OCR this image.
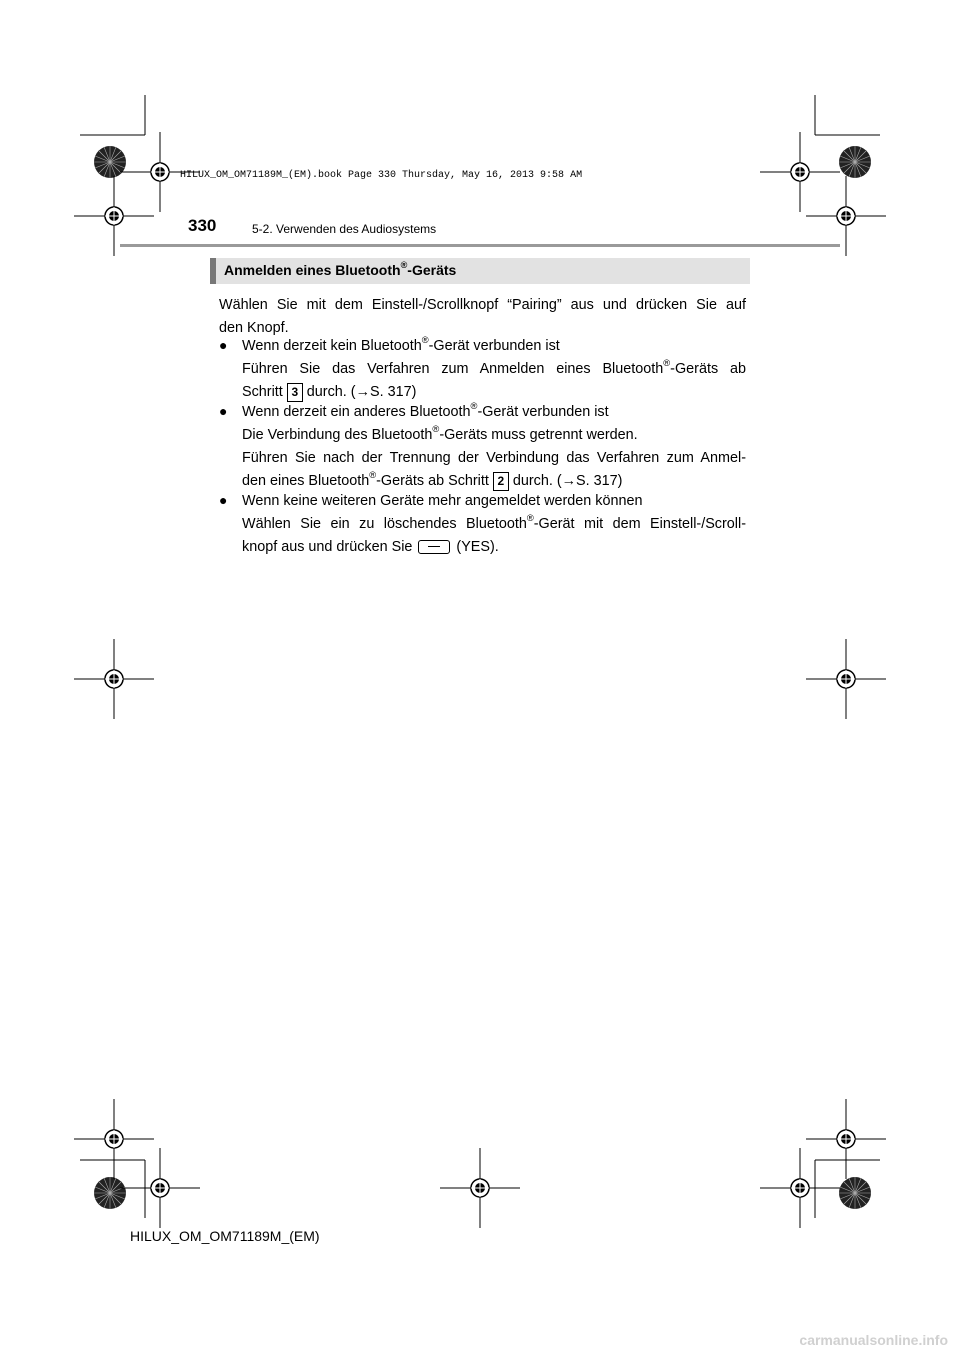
HILUX_OM_OM71189M_(EM).book Page 330 Thursday, May 16, 2013 9:58 AM
330	5-2. Verwenden des Audiosystems
Anmelden eines Bluetooth®-Geräts
Wählen Sie mit dem Einstell-/Scrollknopf “Pairing” aus und drücken Sie auf
den Knopf.
● Wenn derzeit kein Bluetooth®-Gerät verbunden ist
Führen Sie das Verfahren zum Anmelden eines Bluetooth®-Geräts ab
Schritt 3 durch. (→S. 317)
● Wenn derzeit ein anderes Bluetooth®-Gerät verbunden ist
Die Verbindung des Bluetooth®-Geräts muss getrennt werden.
Führen Sie nach der Trennung der Verbindung das Verfahren zum Anmel-
den eines Bluetooth®-Geräts ab Schritt 2 durch. (→S. 317)
● Wenn keine weiteren Geräte mehr angemeldet werden können
Wählen Sie ein zu löschendes Bluetooth®-Gerät mit dem Einstell-/Scroll-
knopf aus und drücken Sie	(YES).
HILUX_OM_OM71189M_(EM)
carmanualsonline.info
